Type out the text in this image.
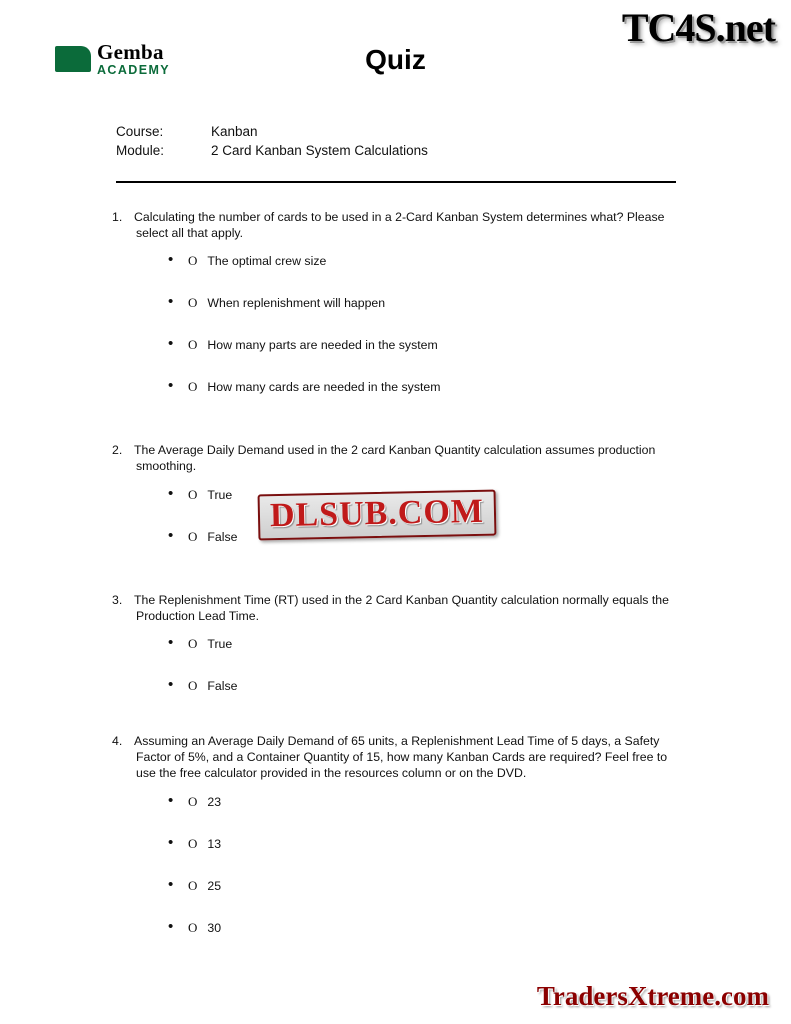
TC4S.net
Gemba
ACADEMY	Quiz
Course:	Kanban
Module:	2 Card Kanban System Calculations
1. Calculating the number of cards to be used in a 2-Card Kanban System determines what? Please select all that apply.
• O The optimal crew size
• O When replenishment will happen
• O How many parts are needed in the system
• O How many cards are needed in the system
2. The Average Daily Demand used in the 2 card Kanban Quantity calculation assumes production smoothing.
• O True
• O False
3. The Replenishment Time (RT) used in the 2 Card Kanban Quantity calculation normally equals the Production Lead Time.
• O True
• O False
4. Assuming an Average Daily Demand of 65 units, a Replenishment Lead Time of 5 days, a Safety Factor of 5%, and a Container Quantity of 15, how many Kanban Cards are required? Feel free to use the free calculator provided in the resources column or on the DVD.
• O 23
• O 13
• O 25
• O 30
DLSUB.COM
TradersXtreme.com
